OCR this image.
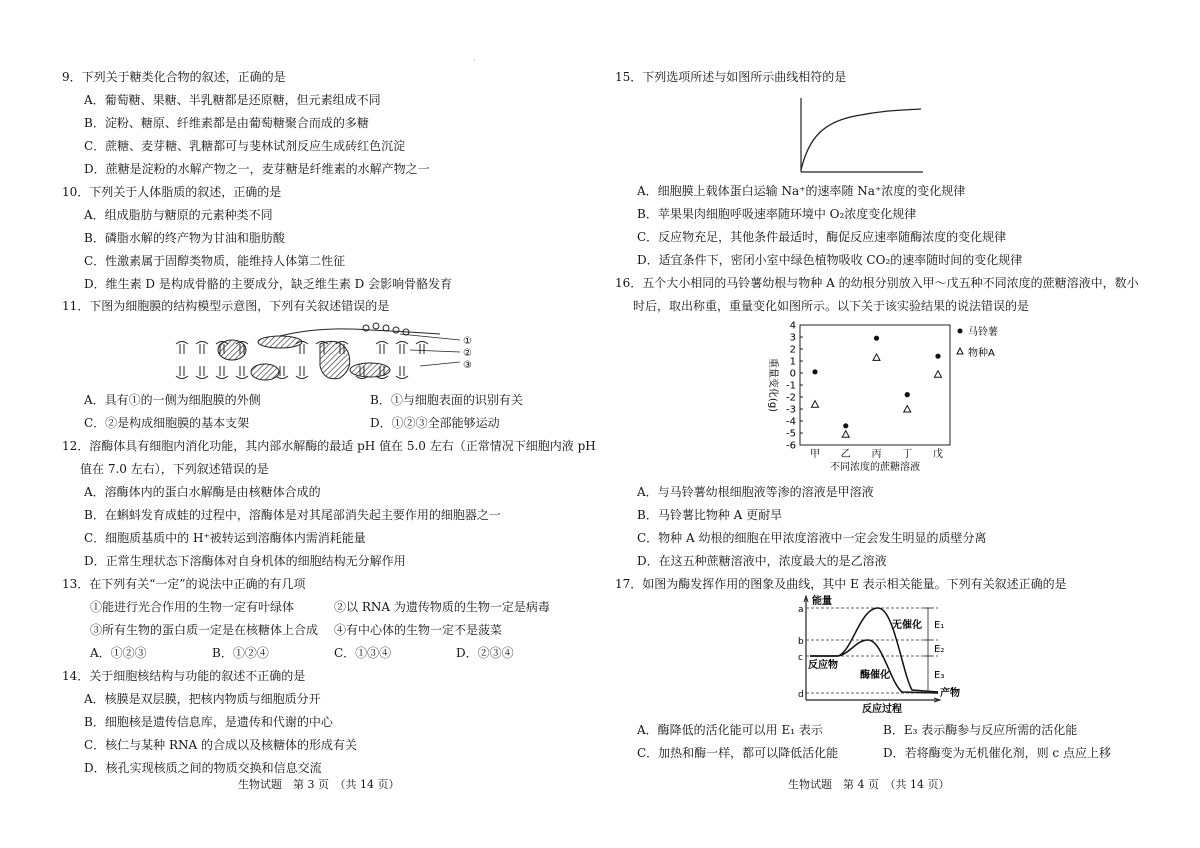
·
9．下列关于糖类化合物的叙述，正确的是
A．葡萄糖、果糖、半乳糖都是还原糖，但元素组成不同
B．淀粉、糖原、纤维素都是由葡萄糖聚合而成的多糖
C．蔗糖、麦芽糖、乳糖都可与斐林试剂反应生成砖红色沉淀
D．蔗糖是淀粉的水解产物之一，麦芽糖是纤维素的水解产物之一
10．下列关于人体脂质的叙述，正确的是
A．组成脂肪与糖原的元素种类不同
B．磷脂水解的终产物为甘油和脂肪酸
C．性激素属于固醇类物质，能维持人体第二性征
D．维生素 D 是构成骨骼的主要成分，缺乏维生素 D 会影响骨骼发育
11．下图为细胞膜的结构模型示意图，下列有关叙述错误的是
①
②
③
A．具有①的一侧为细胞膜的外侧	B．①与细胞表面的识别有关
C．②是构成细胞膜的基本支架	D．①②③全部能够运动
12．溶酶体具有细胞内消化功能，其内部水解酶的最适 pH 值在 5.0 左右（正常情况下细胞内液 pH
值在 7.0 左右），下列叙述错误的是
A．溶酶体内的蛋白水解酶是由核糖体合成的
B．在蝌蚪发育成蛙的过程中，溶酶体是对其尾部消失起主要作用的细胞器之一
C．细胞质基质中的 H⁺被转运到溶酶体内需消耗能量
D．正常生理状态下溶酶体对自身机体的细胞结构无分解作用
13．在下列有关“一定”的说法中正确的有几项
①能进行光合作用的生物一定有叶绿体	②以 RNA 为遗传物质的生物一定是病毒
③所有生物的蛋白质一定是在核糖体上合成 ④有中心体的生物一定不是菠菜
A．①②③	B．①②④	C．①③④	D．②③④
14．关于细胞核结构与功能的叙述不正确的是
A．核膜是双层膜，把核内物质与细胞质分开
B．细胞核是遗传信息库，是遗传和代谢的中心
C．核仁与某种 RNA 的合成以及核糖体的形成有关
D．核孔实现核质之间的物质交换和信息交流
生物试题　第 3 页　（共 14 页）
15．下列选项所述与如图所示曲线相符的是
A．细胞膜上载体蛋白运输 Na⁺的速率随 Na⁺浓度的变化规律
B．苹果果肉细胞呼吸速率随环境中 O₂浓度变化规律
C．反应物充足，其他条件最适时，酶促反应速率随酶浓度的变化规律
D．适宜条件下，密闭小室中绿色植物吸收 CO₂的速率随时间的变化规律
16．五个大小相同的马铃薯幼根与物种 A 的幼根分别放入甲～戊五种不同浓度的蔗糖溶液中，数小
时后，取出称重，重量变化如图所示。以下关于该实验结果的说法错误的是
4
3
2
1
0
-1
-2
-3
-4
-5
-6
甲 乙 丙 丁 戊
重量变化(g)
不同浓度的蔗糖溶液
马铃薯
物种A
A．与马铃薯幼根细胞液等渗的溶液是甲溶液
B．马铃薯比物种 A 更耐旱
C．物种 A 幼根的细胞在甲浓度溶液中一定会发生明显的质壁分离
D．在这五种蔗糖溶液中，浓度最大的是乙溶液
17．如图为酶发挥作用的图象及曲线，其中 E 表示相关能量。下列有关叙述正确的是
能量
反应过程
a
b
c
d
E₁
E₂
E₃
无催化
酶催化
反应物
产物
A．酶降低的活化能可以用 E₁ 表示	B．E₃ 表示酶参与反应所需的活化能
C．加热和酶一样，都可以降低活化能	D．若将酶变为无机催化剂，则 c 点应上移
生物试题　第 4 页　（共 14 页）
